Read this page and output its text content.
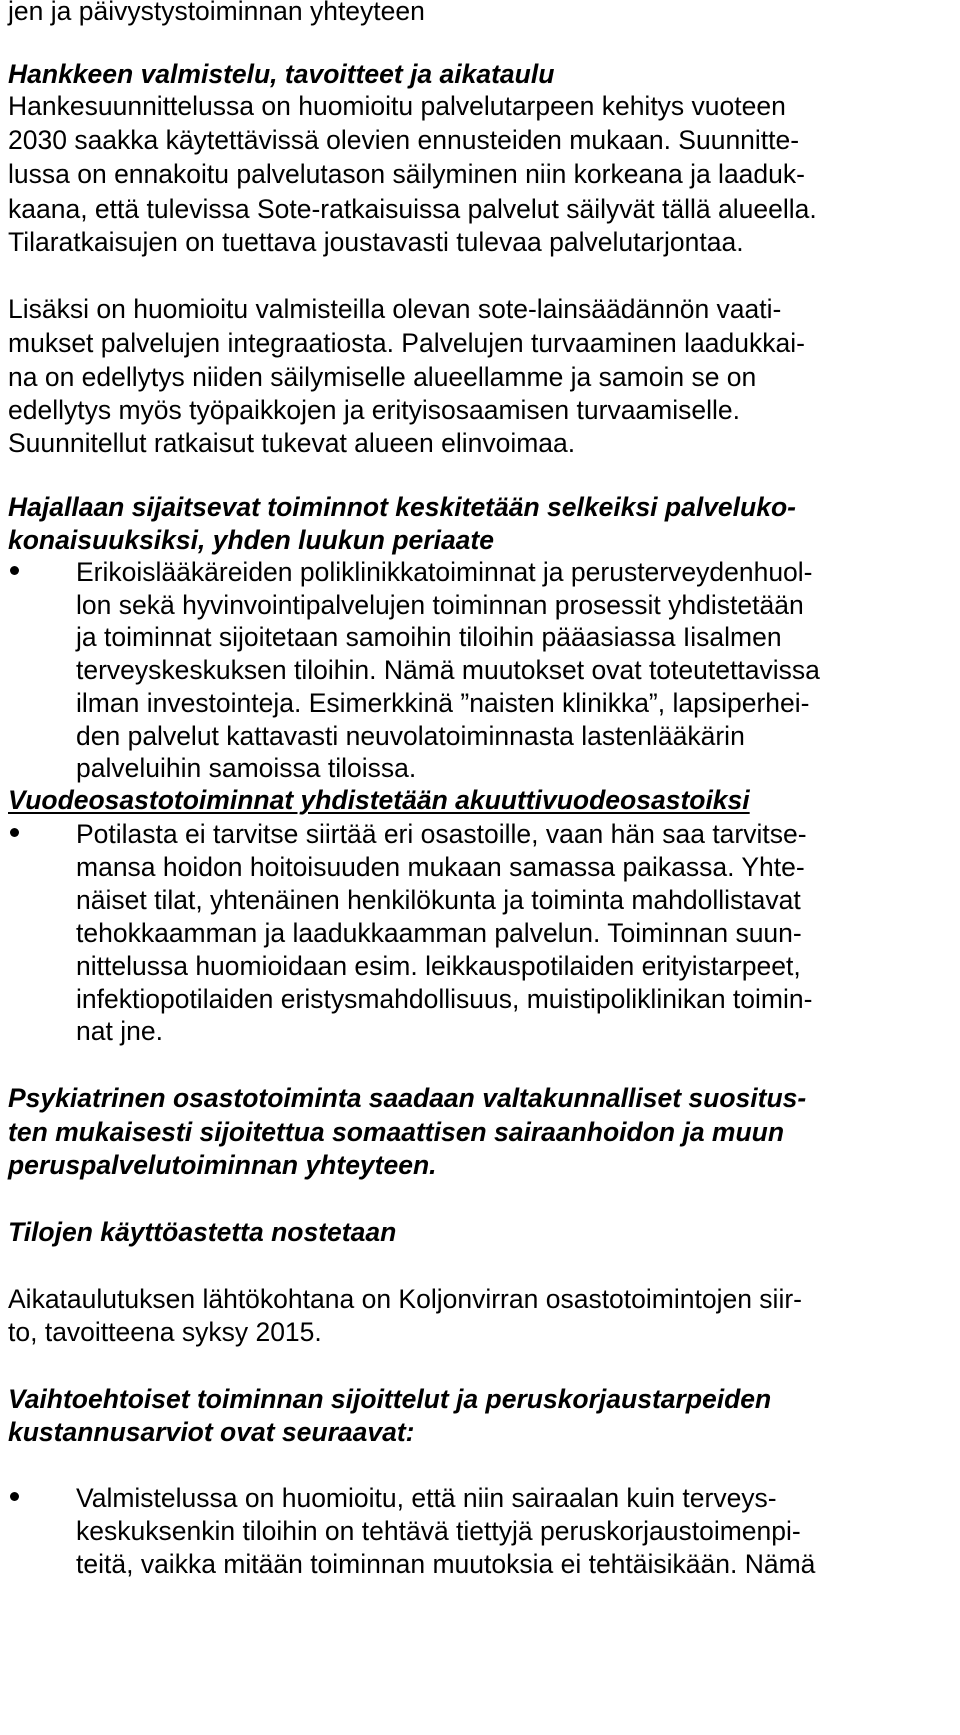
jen ja päivystystoiminnan yhteyteen
Hankkeen valmistelu, tavoitteet ja aikataulu
Hankesuunnittelussa on huomioitu palvelutarpeen kehitys vuoteen
2030 saakka käytettävissä olevien ennusteiden mukaan. Suunnitte-
lussa on ennakoitu palvelutason säilyminen niin korkeana ja laaduk-
kaana, että tulevissa Sote-ratkaisuissa palvelut säilyvät tällä alueella.
Tilaratkaisujen on tuettava joustavasti tulevaa palvelutarjontaa.
Lisäksi on huomioitu valmisteilla olevan sote-lainsäädännön vaati-
mukset palvelujen integraatiosta. Palvelujen turvaaminen laadukkai-
na on edellytys niiden säilymiselle alueellamme ja samoin se on
edellytys myös työpaikkojen ja erityisosaamisen turvaamiselle.
Suunnitellut ratkaisut tukevat alueen elinvoimaa.
Hajallaan sijaitsevat toiminnot keskitetään selkeiksi palveluko-
konaisuuksiksi, yhden luukun periaate
Erikoislääkäreiden poliklinikkatoiminnat ja perusterveydenhuol-
lon sekä hyvinvointipalvelujen toiminnan prosessit yhdistetään
ja toiminnat sijoitetaan samoihin tiloihin pääasiassa Iisalmen
terveyskeskuksen tiloihin. Nämä muutokset ovat toteutettavissa
ilman investointeja. Esimerkkinä ”naisten klinikka”, lapsiperhei-
den palvelut kattavasti neuvolatoiminnasta lastenlääkärin
palveluihin samoissa tiloissa.
Vuodeosastotoiminnat yhdistetään akuuttivuodeosastoiksi
Potilasta ei tarvitse siirtää eri osastoille, vaan hän saa tarvitse-
mansa hoidon hoitoisuuden mukaan samassa paikassa. Yhte-
näiset tilat, yhtenäinen henkilökunta ja toiminta mahdollistavat
tehokkaamman ja laadukkaamman palvelun. Toiminnan suun-
nittelussa huomioidaan esim. leikkauspotilaiden erityistarpeet,
infektiopotilaiden eristysmahdollisuus, muistipoliklinikan toimin-
nat jne.
Psykiatrinen osastotoiminta saadaan valtakunnalliset suositus-
ten mukaisesti sijoitettua somaattisen sairaanhoidon ja muun
peruspalvelutoiminnan yhteyteen.
Tilojen käyttöastetta nostetaan
Aikataulutuksen lähtökohtana on Koljonvirran osastotoimintojen siir-
to, tavoitteena syksy 2015.
Vaihtoehtoiset toiminnan sijoittelut ja peruskorjaustarpeiden
kustannusarviot ovat seuraavat:
Valmistelussa on huomioitu, että niin sairaalan kuin terveys-
keskuksenkin tiloihin on tehtävä tiettyjä peruskorjaustoimenpi-
teitä, vaikka mitään toiminnan muutoksia ei tehtäisikään. Nämä
